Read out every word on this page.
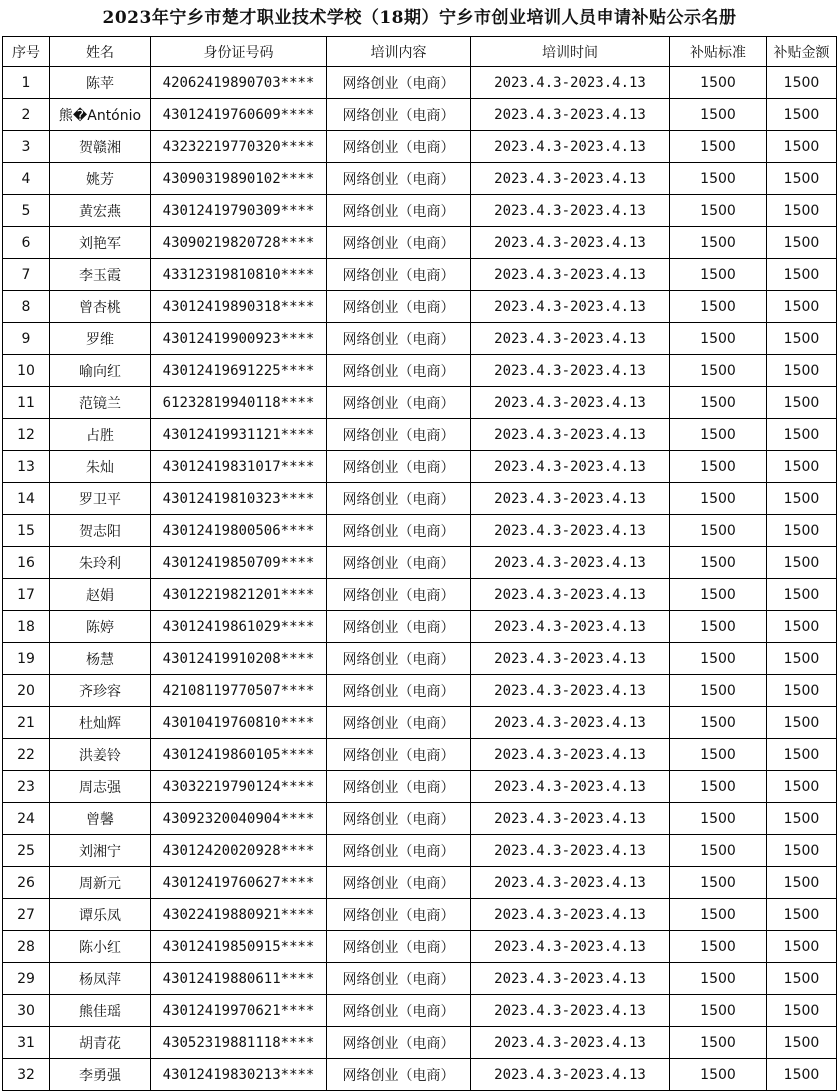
2023年宁乡市楚才职业技术学校（18期）宁乡市创业培训人员申请补贴公示名册
序号	姓名	身份证号码	培训内容	培训时间	补贴标准	补贴金额
1	陈苹	42062419890703****	网络创业（电商）	2023.4.3-2023.4.13	1500	1500
2	熊�António	43012419760609****	网络创业（电商）	2023.4.3-2023.4.13	1500	1500
3	贺赣湘	43232219770320****	网络创业（电商）	2023.4.3-2023.4.13	1500	1500
4	姚芳	43090319890102****	网络创业（电商）	2023.4.3-2023.4.13	1500	1500
5	黄宏燕	43012419790309****	网络创业（电商）	2023.4.3-2023.4.13	1500	1500
6	刘艳军	43090219820728****	网络创业（电商）	2023.4.3-2023.4.13	1500	1500
7	李玉霞	43312319810810****	网络创业（电商）	2023.4.3-2023.4.13	1500	1500
8	曾杏桃	43012419890318****	网络创业（电商）	2023.4.3-2023.4.13	1500	1500
9	罗维	43012419900923****	网络创业（电商）	2023.4.3-2023.4.13	1500	1500
10	喻向红	43012419691225****	网络创业（电商）	2023.4.3-2023.4.13	1500	1500
11	范镜兰	61232819940118****	网络创业（电商）	2023.4.3-2023.4.13	1500	1500
12	占胜	43012419931121****	网络创业（电商）	2023.4.3-2023.4.13	1500	1500
13	朱灿	43012419831017****	网络创业（电商）	2023.4.3-2023.4.13	1500	1500
14	罗卫平	43012419810323****	网络创业（电商）	2023.4.3-2023.4.13	1500	1500
15	贺志阳	43012419800506****	网络创业（电商）	2023.4.3-2023.4.13	1500	1500
16	朱玲利	43012419850709****	网络创业（电商）	2023.4.3-2023.4.13	1500	1500
17	赵娟	43012219821201****	网络创业（电商）	2023.4.3-2023.4.13	1500	1500
18	陈婷	43012419861029****	网络创业（电商）	2023.4.3-2023.4.13	1500	1500
19	杨慧	43012419910208****	网络创业（电商）	2023.4.3-2023.4.13	1500	1500
20	齐珍容	42108119770507****	网络创业（电商）	2023.4.3-2023.4.13	1500	1500
21	杜灿辉	43010419760810****	网络创业（电商）	2023.4.3-2023.4.13	1500	1500
22	洪姜铃	43012419860105****	网络创业（电商）	2023.4.3-2023.4.13	1500	1500
23	周志强	43032219790124****	网络创业（电商）	2023.4.3-2023.4.13	1500	1500
24	曾馨	43092320040904****	网络创业（电商）	2023.4.3-2023.4.13	1500	1500
25	刘湘宁	43012420020928****	网络创业（电商）	2023.4.3-2023.4.13	1500	1500
26	周新元	43012419760627****	网络创业（电商）	2023.4.3-2023.4.13	1500	1500
27	谭乐凤	43022419880921****	网络创业（电商）	2023.4.3-2023.4.13	1500	1500
28	陈小红	43012419850915****	网络创业（电商）	2023.4.3-2023.4.13	1500	1500
29	杨凤萍	43012419880611****	网络创业（电商）	2023.4.3-2023.4.13	1500	1500
30	熊佳瑶	43012419970621****	网络创业（电商）	2023.4.3-2023.4.13	1500	1500
31	胡青花	43052319881118****	网络创业（电商）	2023.4.3-2023.4.13	1500	1500
32	李勇强	43012419830213****	网络创业（电商）	2023.4.3-2023.4.13	1500	1500
